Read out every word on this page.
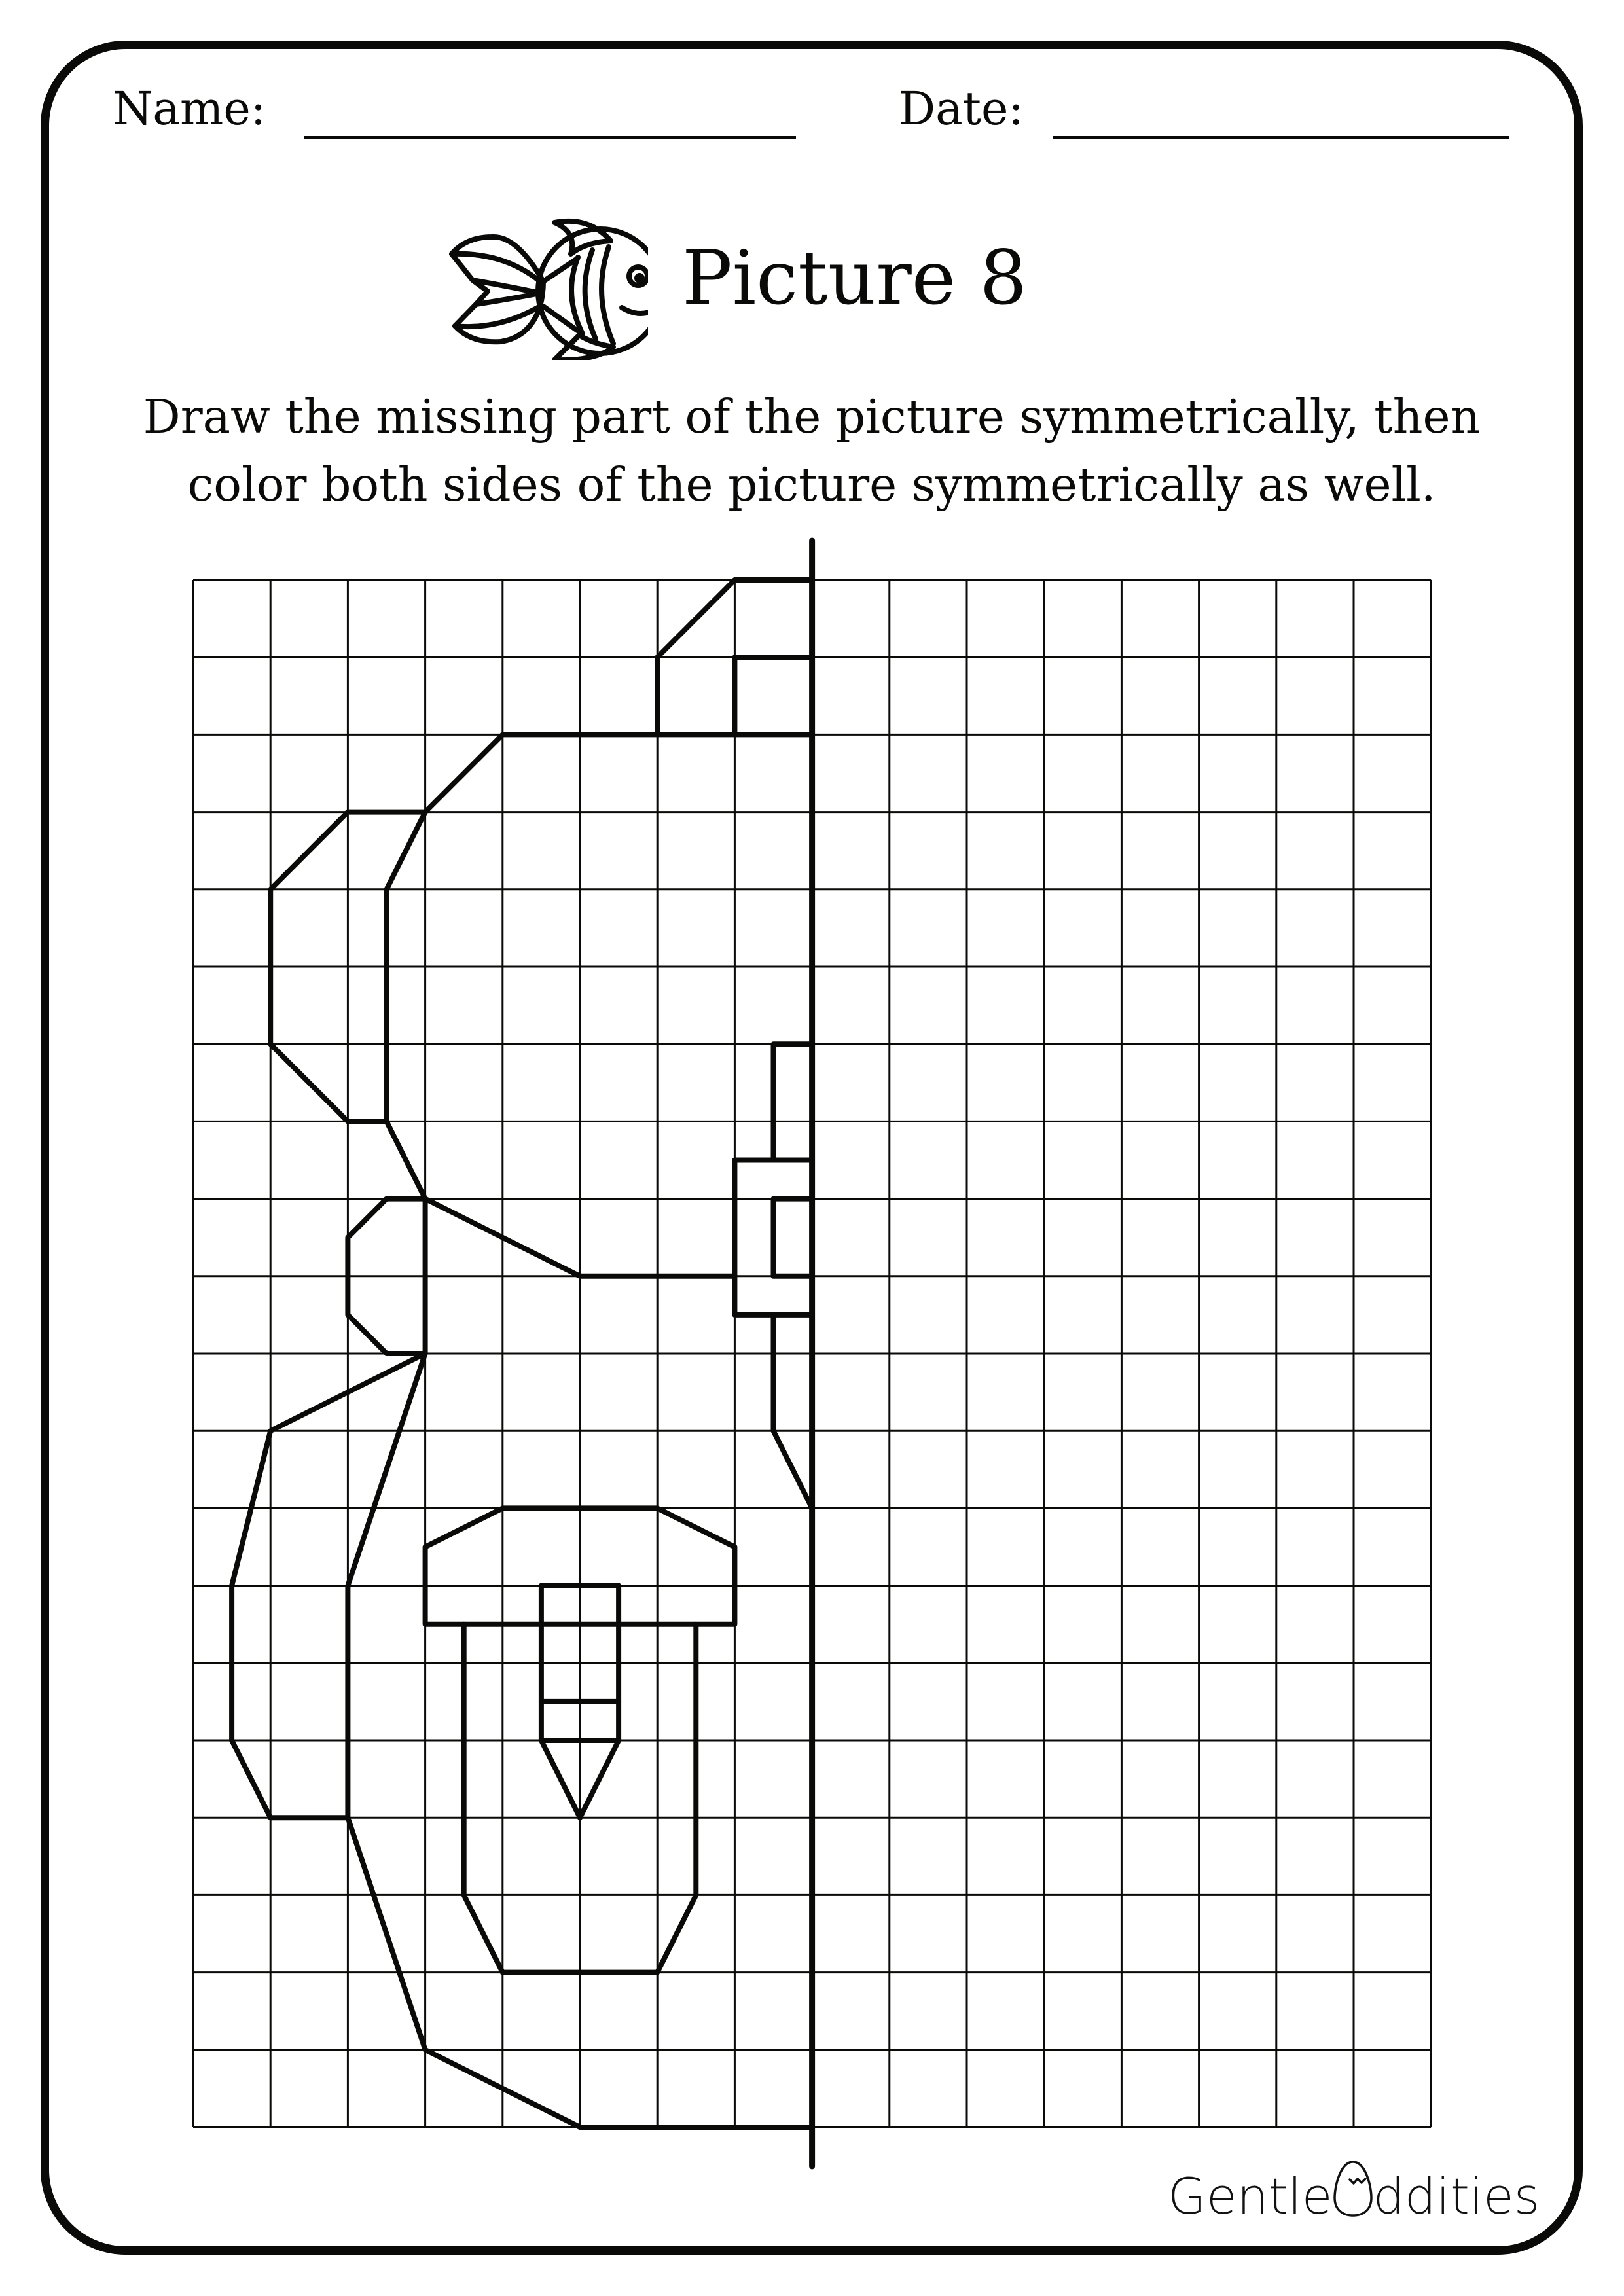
Name:	Date:
Picture 8
Draw the missing part of the picture symmetrically, then
color both sides of the picture symmetrically as well.
Gentle ddities
